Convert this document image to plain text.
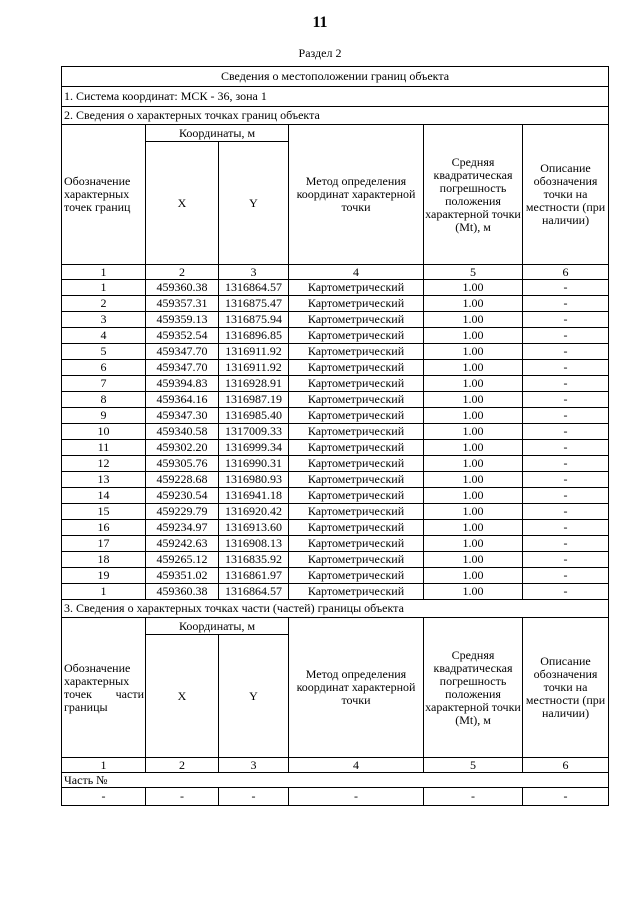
11
Раздел 2
Сведения о местоположении границ объекта					
1. Система координат: МСК - 36, зона 1					
2. Сведения о характерных точках границ объекта					
Обозначение характерных точек границ	Координаты, м		Метод определения координат характерной точки	Средняя квадратическая погрешность положения характерной точки (Mt), м	Описание обозначения точки на местности (при наличии)
	X	Y			
1	2	3	4	5	6
1	459360.38	1316864.57	Картометрический	1.00	-
2	459357.31	1316875.47	Картометрический	1.00	-
3	459359.13	1316875.94	Картометрический	1.00	-
4	459352.54	1316896.85	Картометрический	1.00	-
5	459347.70	1316911.92	Картометрический	1.00	-
6	459347.70	1316911.92	Картометрический	1.00	-
7	459394.83	1316928.91	Картометрический	1.00	-
8	459364.16	1316987.19	Картометрический	1.00	-
9	459347.30	1316985.40	Картометрический	1.00	-
10	459340.58	1317009.33	Картометрический	1.00	-
11	459302.20	1316999.34	Картометрический	1.00	-
12	459305.76	1316990.31	Картометрический	1.00	-
13	459228.68	1316980.93	Картометрический	1.00	-
14	459230.54	1316941.18	Картометрический	1.00	-
15	459229.79	1316920.42	Картометрический	1.00	-
16	459234.97	1316913.60	Картометрический	1.00	-
17	459242.63	1316908.13	Картометрический	1.00	-
18	459265.12	1316835.92	Картометрический	1.00	-
19	459351.02	1316861.97	Картометрический	1.00	-
1	459360.38	1316864.57	Картометрический	1.00	-
3. Сведения о характерных точках части (частей) границы объекта					
Обозначение характерных точек части границы	Координаты, м		Метод определения координат характерной точки	Средняя квадратическая погрешность положения характерной точки (Mt), м	Описание обозначения точки на местности (при наличии)
	X	Y			
1	2	3	4	5	6
Часть №					
-	-	-	-	-	-
